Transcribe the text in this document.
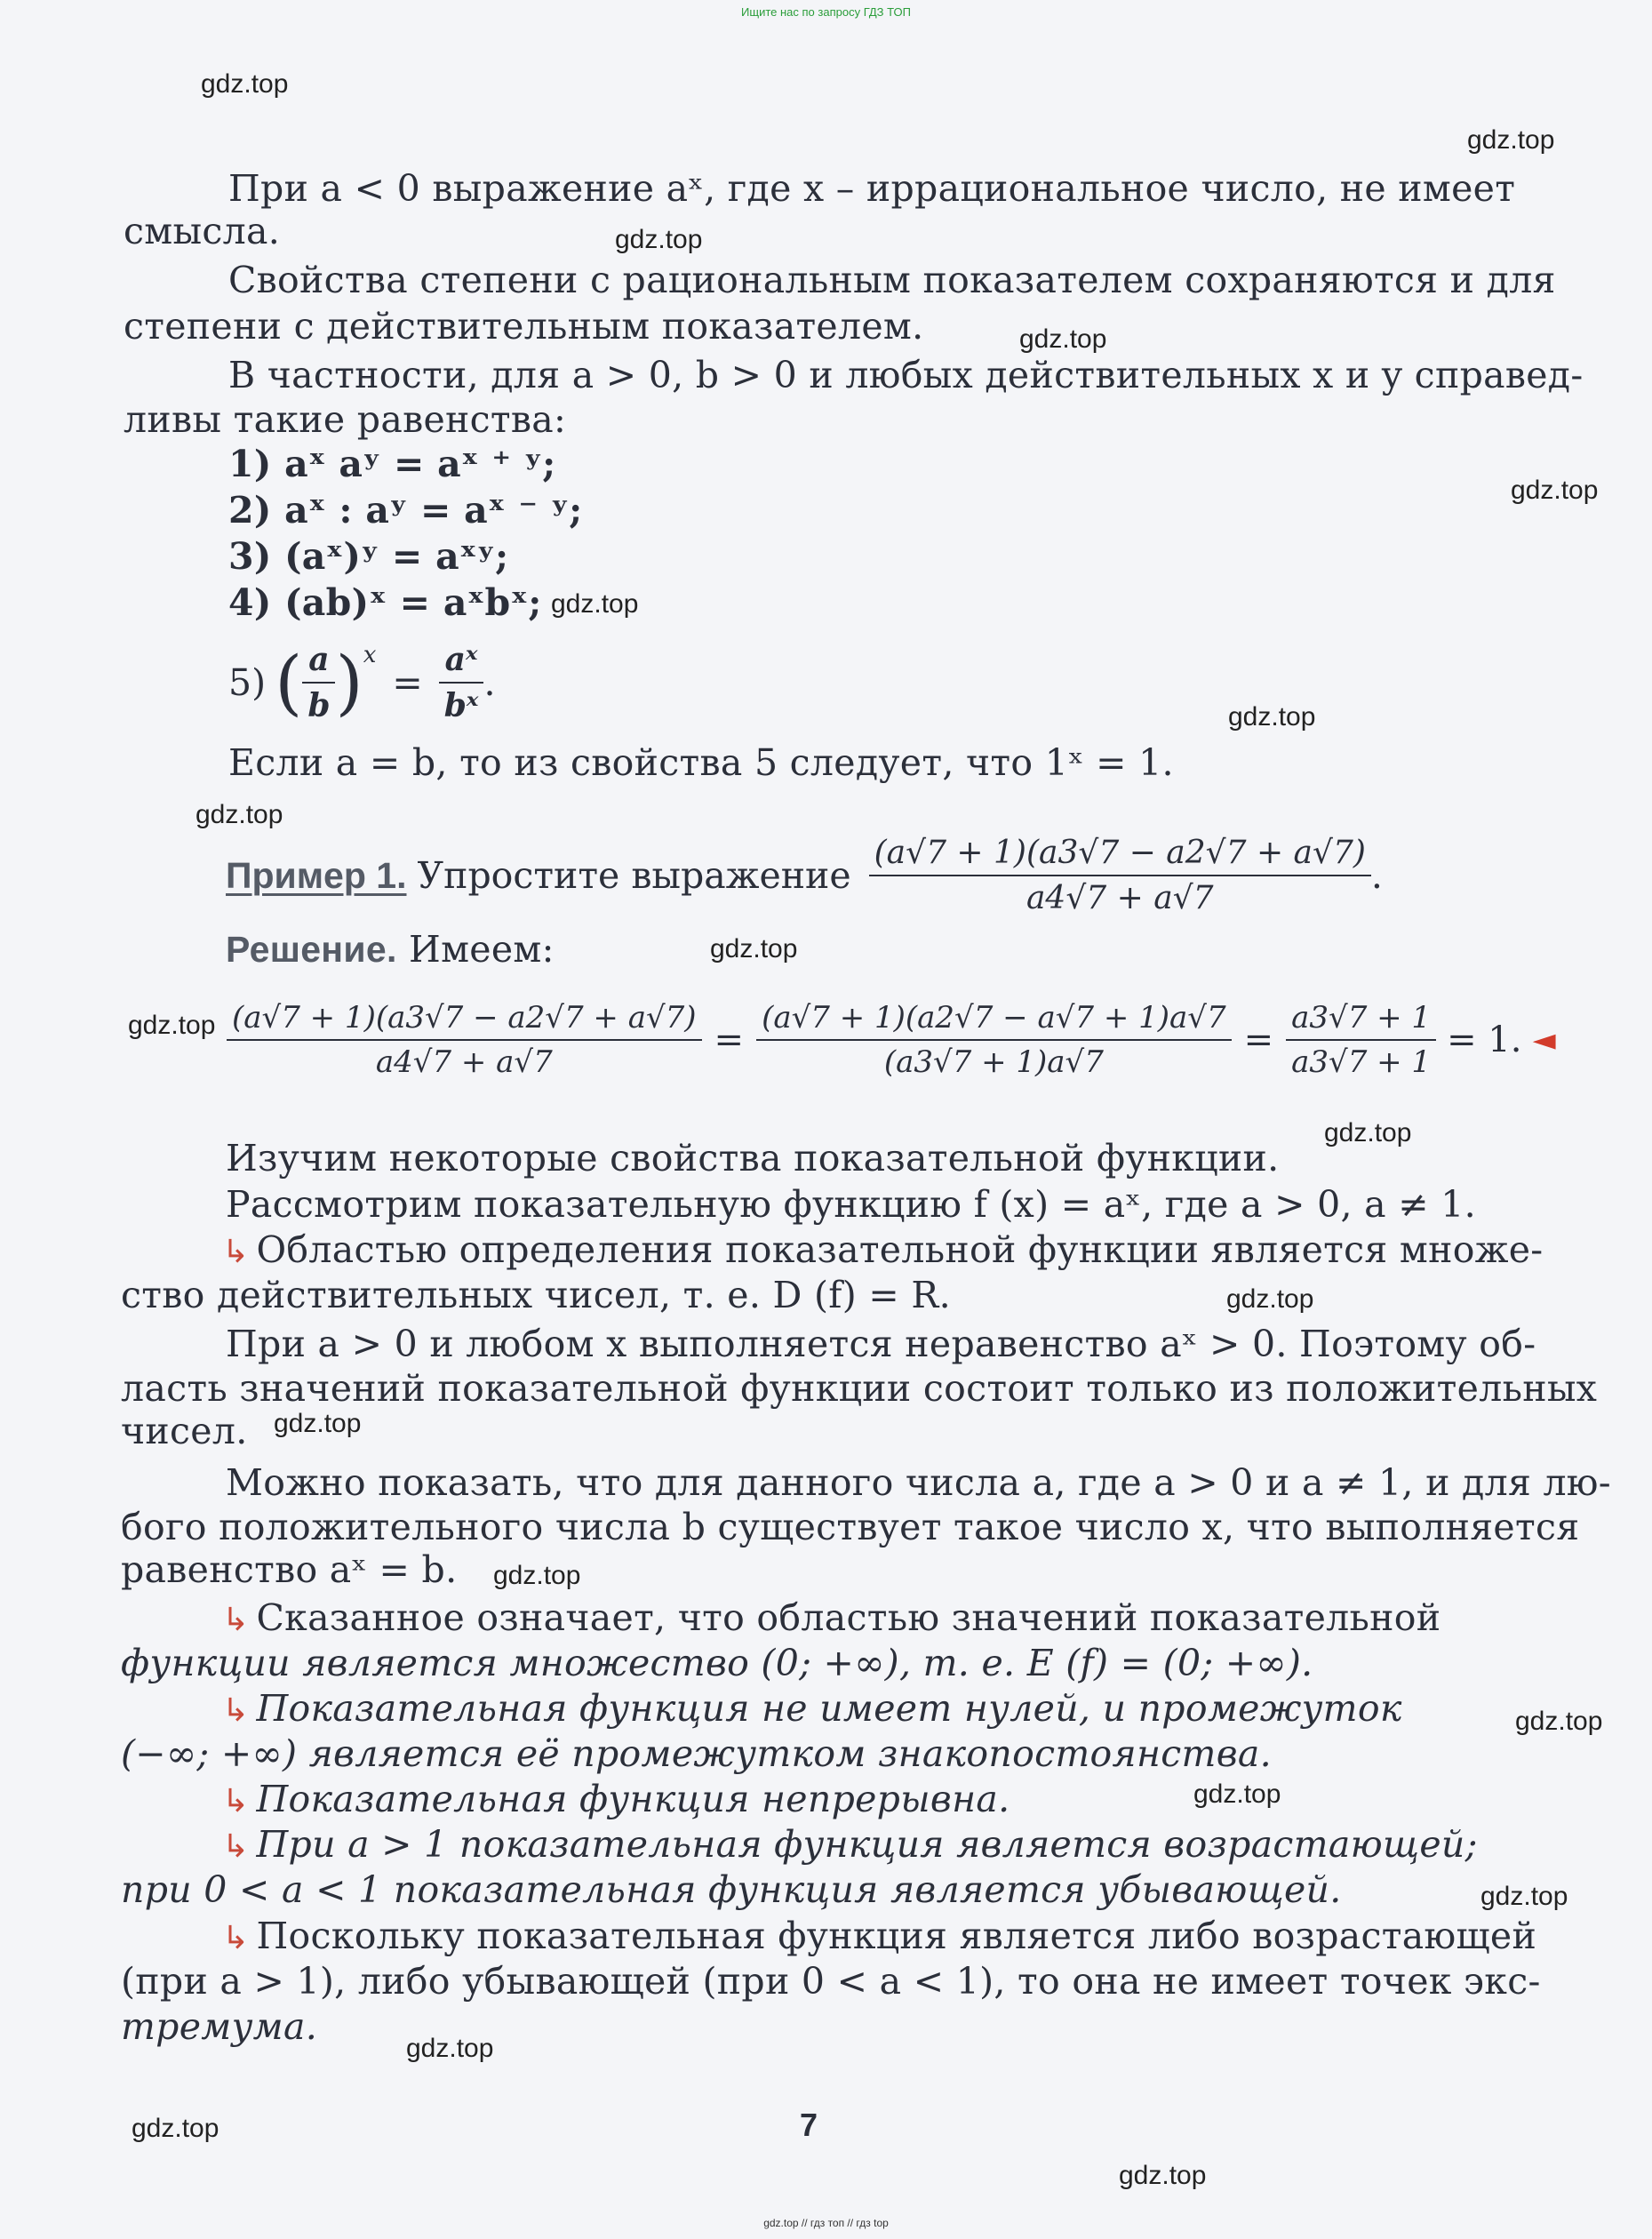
Ищите нас по запросу ГДЗ ТОП
gdz.top
gdz.top
gdz.top
gdz.top
gdz.top
gdz.top
gdz.top
gdz.top
gdz.top
gdz.top
gdz.top
gdz.top
gdz.top
gdz.top
gdz.top
gdz.top
gdz.top
gdz.top
gdz.top
gdz.top
При a < 0 выражение aˣ, где x – иррациональное число, не имеет
смысла.
Свойства степени с рациональным показателем сохраняются и для
степени с действительным показателем.
В частности, для a > 0, b > 0 и любых действительных x и y справед-
ливы такие равенства:
1) aˣ aʸ = aˣ ⁺ ʸ;
2) aˣ : aʸ = aˣ ⁻ ʸ;
3) (aˣ)ʸ = aˣʸ;
4) (ab)ˣ = aˣbˣ;
5) ( $\frac{a}{b}$ ) x
= $\frac{\text{aˣ}}{\text{bˣ}}$ .
Если a = b, то из свойства 5 следует, что 1ˣ = 1.
Пример 1. Упростите выражение $\frac{(a√7 + 1)(a3√7 - a2√7 + a√7)}{a4√7 + a√7}$ .
Решение. Имеем:
$\frac{(a√7 + 1)(a3√7 - a2√7 + a√7)}{a4√7 + a√7} = \frac{(a√7 + 1)(a2√7 - a√7 + 1)a√7}{(a3√7 + 1)a√7} = \frac{a3√7 + 1}{a3√7 + 1} = 1$. ◄
Изучим некоторые свойства показательной функции.
Рассмотрим показательную функцию f (x) = aˣ, где a > 0, a ≠ 1.
↳ Областью определения показательной функции является множе-
ство действительных чисел, т. е. D (f) = R.
При a > 0 и любом x выполняется неравенство aˣ > 0. Поэтому об-
ласть значений показательной функции состоит только из положительных
чисел.
Можно показать, что для данного числа a, где a > 0 и a ≠ 1, и для лю-
бого положительного числа b существует такое число x, что выполняется
равенство aˣ = b.
↳ Сказанное означает, что областью значений показательной
функции является множество (0; +∞), т. е. E (f) = (0; +∞).
↳ Показательная функция не имеет нулей, и промежуток
(−∞; +∞) является её промежутком знакопостоянства.
↳ Показательная функция непрерывна.
↳ При a > 1 показательная функция является возрастающей;
при 0 < a < 1 показательная функция является убывающей.
↳ Поскольку показательная функция является либо возрастающей
(при a > 1), либо убывающей (при 0 < a < 1), то она не имеет точек экс-
тремума.
7
gdz.top // гдз топ // гдз top
